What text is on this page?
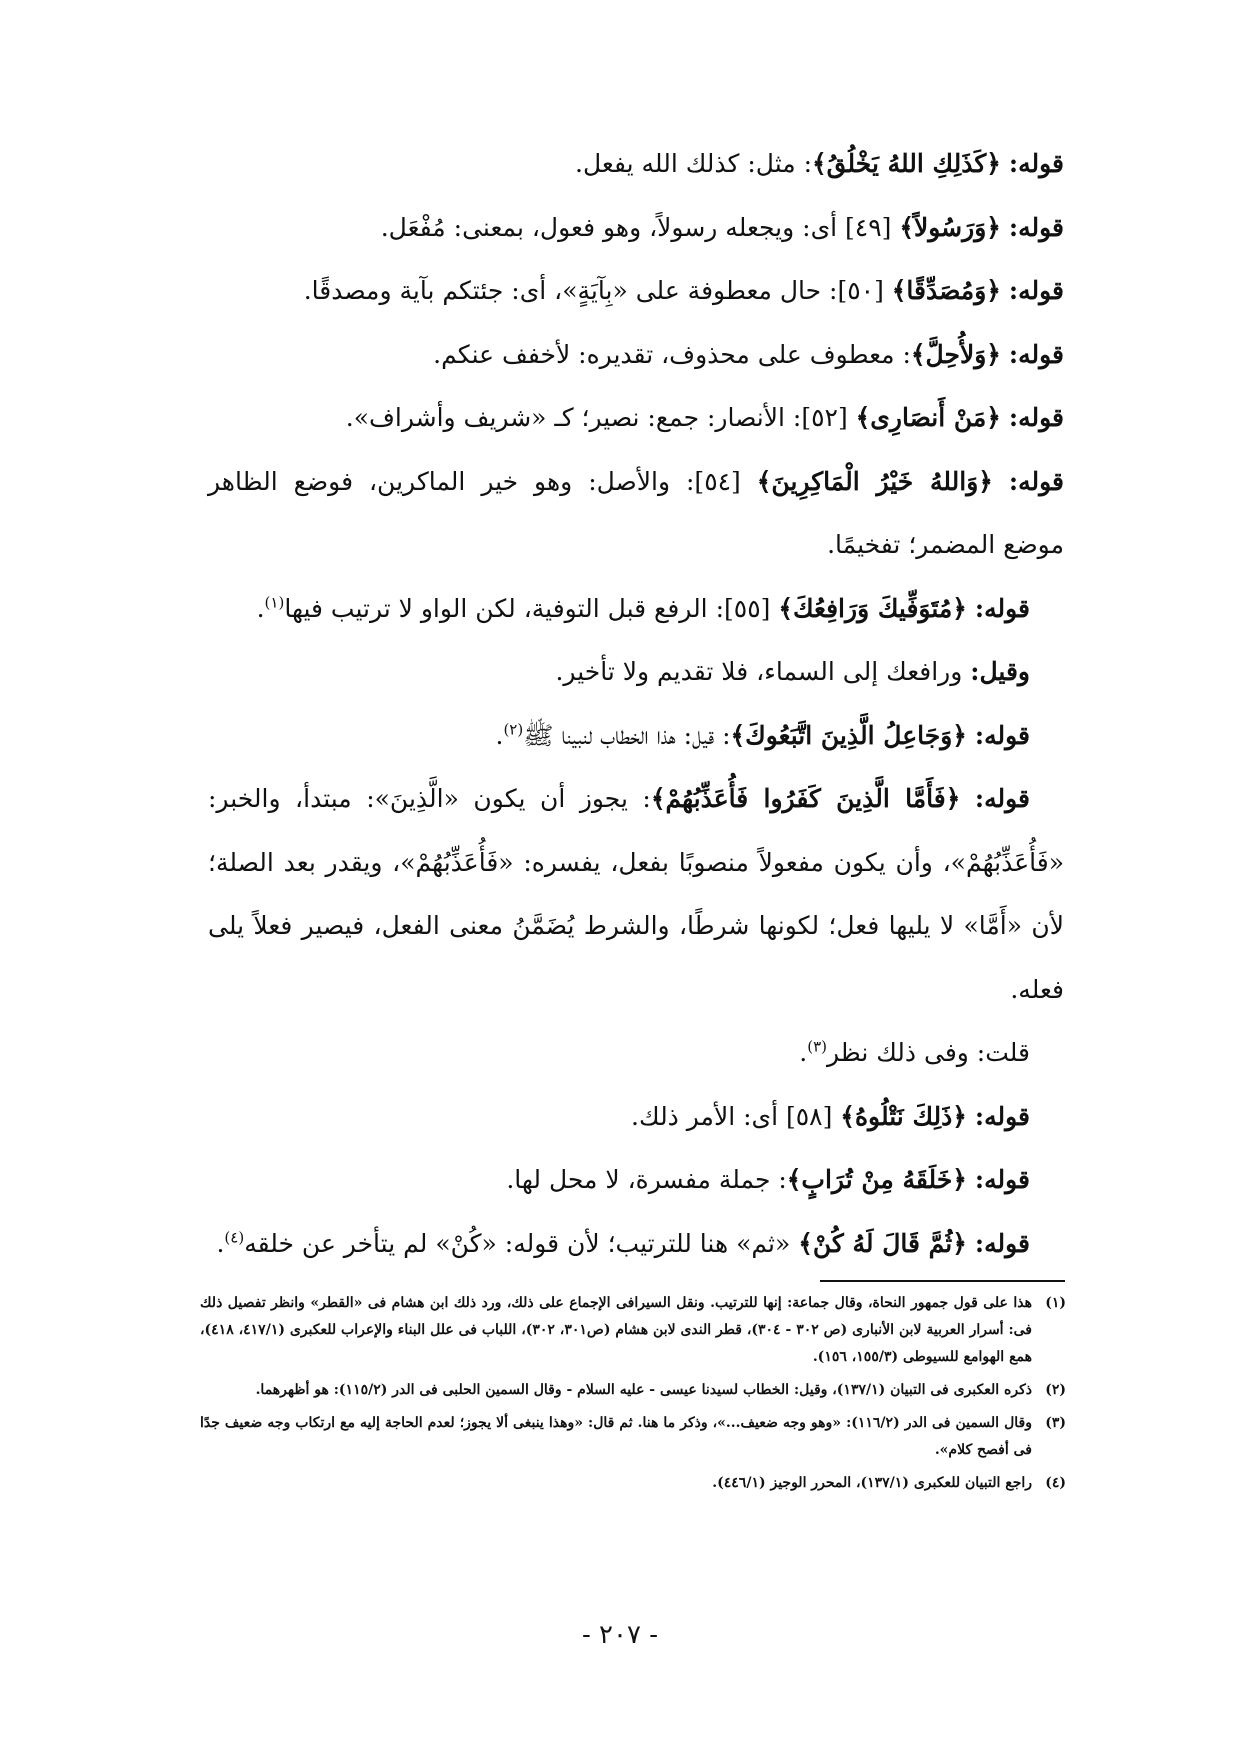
قوله: ﴿كَذَلِكِ اللهُ يَخْلُقُ﴾: مثل: كذلك الله يفعل.
قوله: ﴿وَرَسُولاً﴾ [٤٩] أى: ويجعله رسولاً، وهو فعول، بمعنى: مُفْعَل.
قوله: ﴿وَمُصَدِّقًا﴾ [٥٠]: حال معطوفة على «بِآيَةٍ»، أى: جئتكم بآية ومصدقًا.
قوله: ﴿وَلأُحِلَّ﴾: معطوف على محذوف، تقديره: لأخفف عنكم.
قوله: ﴿مَنْ أَنصَارِى﴾ [٥٢]: الأنصار: جمع: نصير؛ كـ «شريف وأشراف».
قوله: ﴿وَاللهُ خَيْرُ الْمَاكِرِينَ﴾ [٥٤]: والأصل: وهو خير الماكرين، فوضع الظاهر
موضع المضمر؛ تفخيمًا.
قوله: ﴿مُتَوَفِّيكَ وَرَافِعُكَ﴾ [٥٥]: الرفع قبل التوفية، لكن الواو لا ترتيب فيها$^{(١)}$.
وقيل: ورافعك إلى السماء، فلا تقديم ولا تأخير.
قوله: ﴿وَجَاعِلُ الَّذِينَ اتَّبَعُوكَ﴾: قيل: هذا الخطاب لنبينا ﷺ$^{(٢)}$.
قوله: ﴿فَأَمَّا الَّذِينَ كَفَرُوا فَأُعَذِّبُهُمْ﴾: يجوز أن يكون «الَّذِينَ»: مبتدأ، والخبر:
«فَأُعَذِّبُهُمْ»، وأن يكون مفعولاً منصوبًا بفعل، يفسره: «فَأُعَذِّبُهُمْ»، ويقدر بعد الصلة؛
لأن «أَمَّا» لا يليها فعل؛ لكونها شرطًا، والشرط يُضَمَّنُ معنى الفعل، فيصير فعلاً يلى
فعله.
قلت: وفى ذلك نظر$^{(٣)}$.
قوله: ﴿ذَلِكَ نَتْلُوهُ﴾ [٥٨] أى: الأمر ذلك.
قوله: ﴿خَلَقَهُ مِنْ تُرَابٍ﴾: جملة مفسرة، لا محل لها.
قوله: ﴿ثُمَّ قَالَ لَهُ كُنْ﴾ «ثم» هنا للترتيب؛ لأن قوله: «كُنْ» لم يتأخر عن خلقه$^{(٤)}$.
(١)
هذا على قول جمهور النحاة، وقال جماعة: إنها للترتيب. ونقل السيرافى الإجماع على ذلك، ورد ذلك ابن هشام فى «القطر» وانظر تفصيل ذلك فى: أسرار العربية لابن الأنبارى (ص ٣٠٢ - ٣٠٤)، قطر الندى لابن هشام (ص٣٠١، ٣٠٢)، اللباب فى علل البناء والإعراب للعكبرى (٤١٧/١، ٤١٨)، همع الهوامع للسيوطى (١٥٥/٣، ١٥٦).
(٢)
ذكره العكبرى فى التبيان (١٣٧/١)، وقيل: الخطاب لسيدنا عيسى - عليه السلام - وقال السمين الحلبى فى الدر (١١٥/٢): هو أظهرهما.
(٣)
وقال السمين فى الدر (١١٦/٢): «وهو وجه ضعيف...»، وذكر ما هنا. ثم قال: «وهذا ينبغى ألا يجوز؛ لعدم الحاجة إليه مع ارتكاب وجه ضعيف جدًا فى أفصح كلام».
(٤)
راجع التبيان للعكبرى (١٣٧/١)، المحرر الوجيز (٤٤٦/١).
- ٢٠٧ -
